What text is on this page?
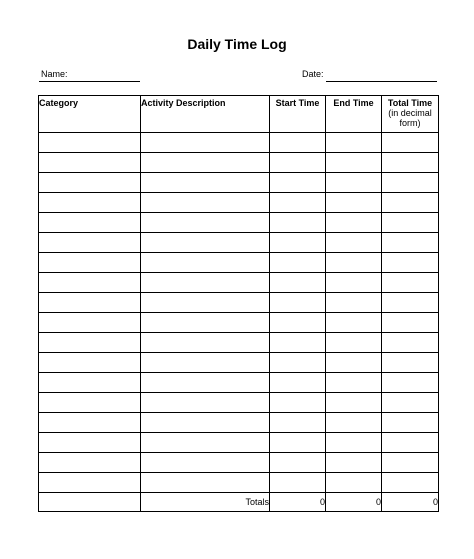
Daily Time Log
Name:	Date:
Category	Activity Description	Start Time	End Time	Total Time
(in decimal form)

	Totals	0	0	0
